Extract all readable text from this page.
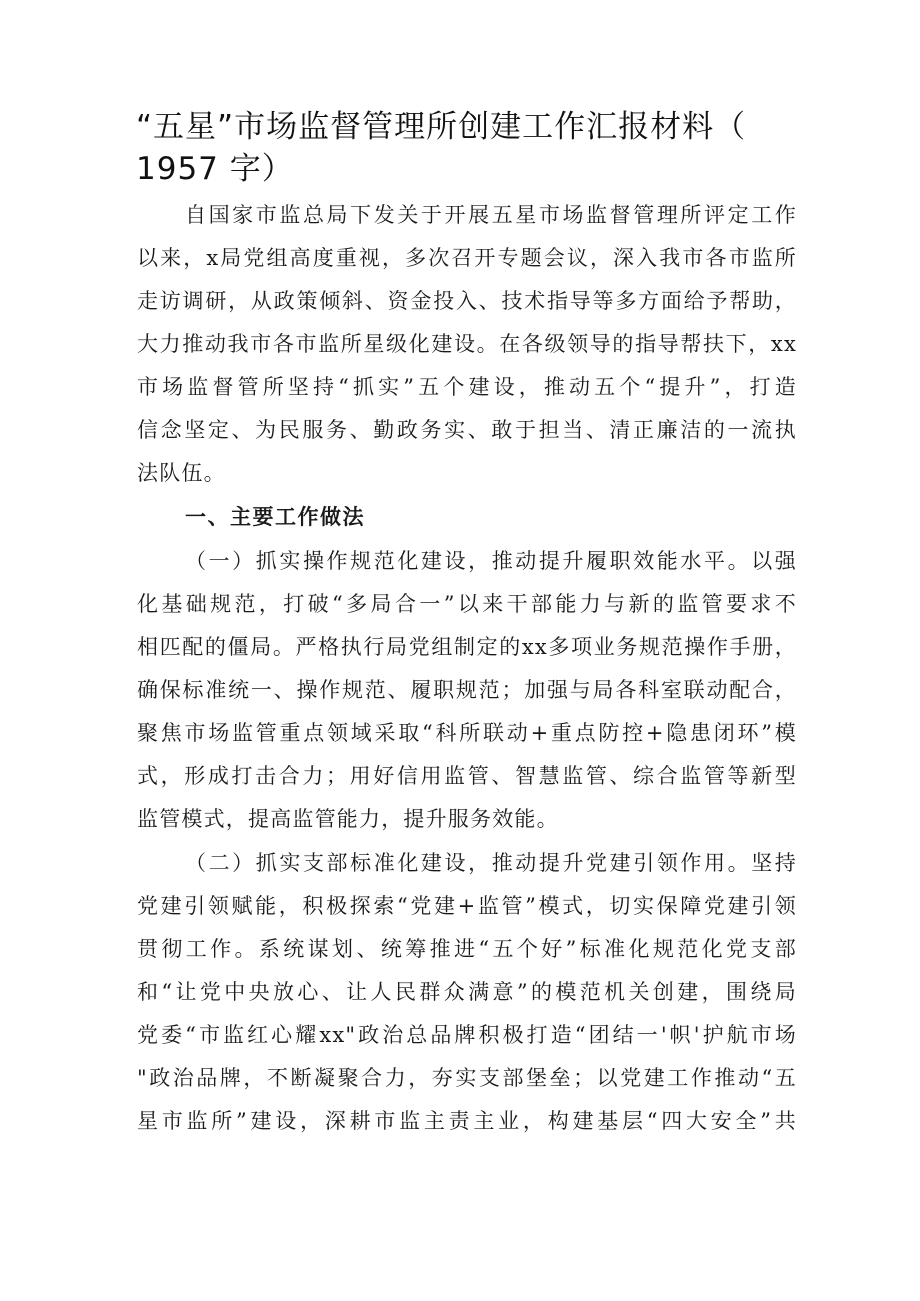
“五星”市场监督管理所创建工作汇报材料（
1957 字）
自国家市监总局下发关于开展五星市场监督管理所评定工作
以来，x局党组高度重视，多次召开专题会议，深入我市各市监所
走访调研，从政策倾斜、资金投入、技术指导等多方面给予帮助，
大力推动我市各市监所星级化建设。在各级领导的指导帮扶下，xx
市场监督管所坚持“抓实”五个建设，推动五个“提升”，打造
信念坚定、为民服务、勤政务实、敢于担当、清正廉洁的一流执
法队伍。
一、主要工作做法
（一）抓实操作规范化建设，推动提升履职效能水平。以强
化基础规范，打破“多局合一”以来干部能力与新的监管要求不
相匹配的僵局。严格执行局党组制定的xx多项业务规范操作手册，
确保标准统一、操作规范、履职规范；加强与局各科室联动配合，
聚焦市场监管重点领域采取“科所联动+重点防控+隐患闭环”模
式，形成打击合力；用好信用监管、智慧监管、综合监管等新型
监管模式，提高监管能力，提升服务效能。
（二）抓实支部标准化建设，推动提升党建引领作用。坚持
党建引领赋能，积极探索“党建+监管”模式，切实保障党建引领
贯彻工作。系统谋划、统筹推进“五个好”标准化规范化党支部
和“让党中央放心、让人民群众满意”的模范机关创建，围绕局
党委“市监红心耀xx"政治总品牌积极打造“团结一'帜'护航市场
"政治品牌，不断凝聚合力，夯实支部堡垒；以党建工作推动“五
星市监所”建设，深耕市监主责主业，构建基层“四大安全”共
